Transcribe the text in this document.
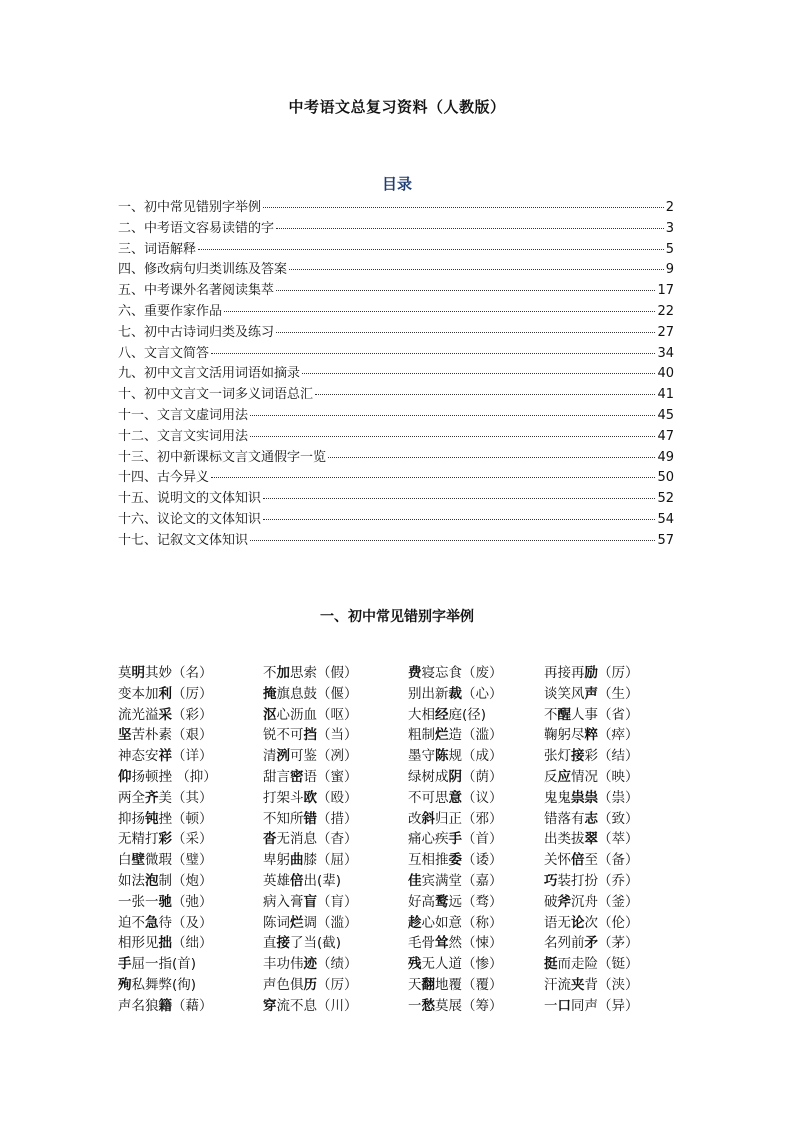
中考语文总复习资料（人教版）
目录
一、初中常见错别字举例	2
二、中考语文容易读错的字	3
三、词语解释	5
四、修改病句归类训练及答案	9
五、中考课外名著阅读集萃	17
六、重要作家作品	22
七、初中古诗词归类及练习	27
八、文言文简答	34
九、初中文言文活用词语如摘录	40
十、初中文言文一词多义词语总汇	41
十一、文言文虚词用法	45
十二、文言文实词用法	47
十三、初中新课标文言文通假字一览	49
十四、古今异义	50
十五、说明文的文体知识	52
十六、议论文的文体知识	54
十七、记叙文文体知识	57
一、初中常见错别字举例
莫明其妙（名）	不加思索（假）	费寝忘食（废）	再接再励（厉）
变本加利（厉）	掩旗息鼓（偃）	别出新裁（心）	谈笑风声（生）
流光溢采（彩）	沤心沥血（呕）	大相经庭(径)	不醒人事（省）
坚苦朴素（艰）	锐不可挡（当）	粗制烂造（滥）	鞠躬尽粹（瘁）
神态安祥（详）	清洌可鉴（冽）	墨守陈规（成）	张灯接彩（结）
仰扬顿挫 （抑）	甜言密语（蜜）	绿树成阴（荫）	反应情况（映）
两全齐美（其）	打架斗欧（殴）	不可思意（议）	鬼鬼祟祟（祟）
抑扬钝挫（顿）	不知所错（措）	改斜归正（邪）	错落有志（致）
无精打彩（采）	沓无消息（杳）	痛心疾手（首）	出类拔翠（萃）
白壁微瑕（璧）	卑躬曲膝（屈）	互相推委（诿）	关怀倍至（备）
如法泡制（炮）	英雄倍出(辈)	佳宾满堂（嘉）	巧装打扮（乔）
一张一驰（弛）	病入膏盲（肓）	好高鹜远（骛）	破斧沉舟（釜）
迫不急待（及）	陈词烂调（滥）	趁心如意（称）	语无论次（伦）
相形见拙（绌）	直接了当(截)	毛骨耸然（悚）	名列前矛（茅）
手屈一指(首)	丰功伟迹（绩）	残无人道（惨）	挺而走险（铤）
殉私舞弊(徇)	声色俱历（厉）	天翻地覆（覆）	汗流夹背（浃）
声名狼籍（藉）	穿流不息（川）	一愁莫展（筹）	一口同声（异）
